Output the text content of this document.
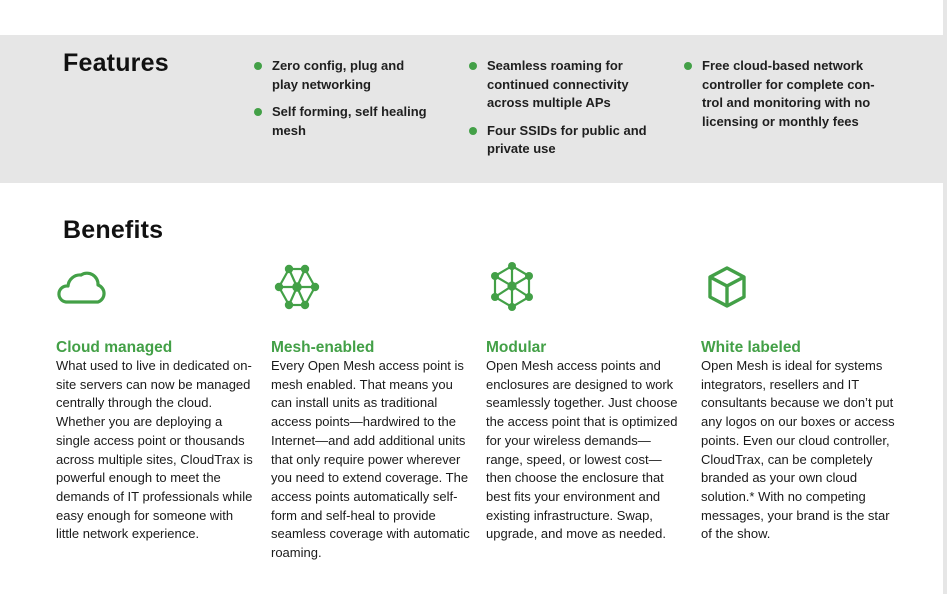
Features	Zero config, plug and play networking

Self forming, self healing mesh

Seamless roaming for continued connectivity across multiple APs

Four SSIDs for public and private use

Free cloud-based network controller for complete con-trol and monitoring with no licensing or monthly fees

Benefits
Cloud managed

What used to live in dedicated on-site servers can now be managed centrally through the cloud. Whether you are deploying a single access point or thousands across multiple sites, CloudTrax is powerful enough to meet the demands of IT professionals while easy enough for someone with little network experience.

Mesh-enabled

Every Open Mesh access point is mesh enabled. That means you can install units as traditional access points—hardwired to the Internet—and add additional units that only require power wherever you need to extend coverage. The access points automatically self-form and self-heal to provide seamless coverage with automatic roaming.

Modular

Open Mesh access points and enclosures are designed to work seamlessly together. Just choose the access point that is optimized for your wireless demands—range, speed, or lowest cost—then choose the enclosure that best fits your environment and existing infrastructure. Swap, upgrade, and move as needed.

White labeled

Open Mesh is ideal for systems integrators, resellers and IT consultants because we don’t put any logos on our boxes or access points. Even our cloud controller, CloudTrax, can be completely branded as your own cloud solution.* With no competing messages, your brand is the star of the show.
